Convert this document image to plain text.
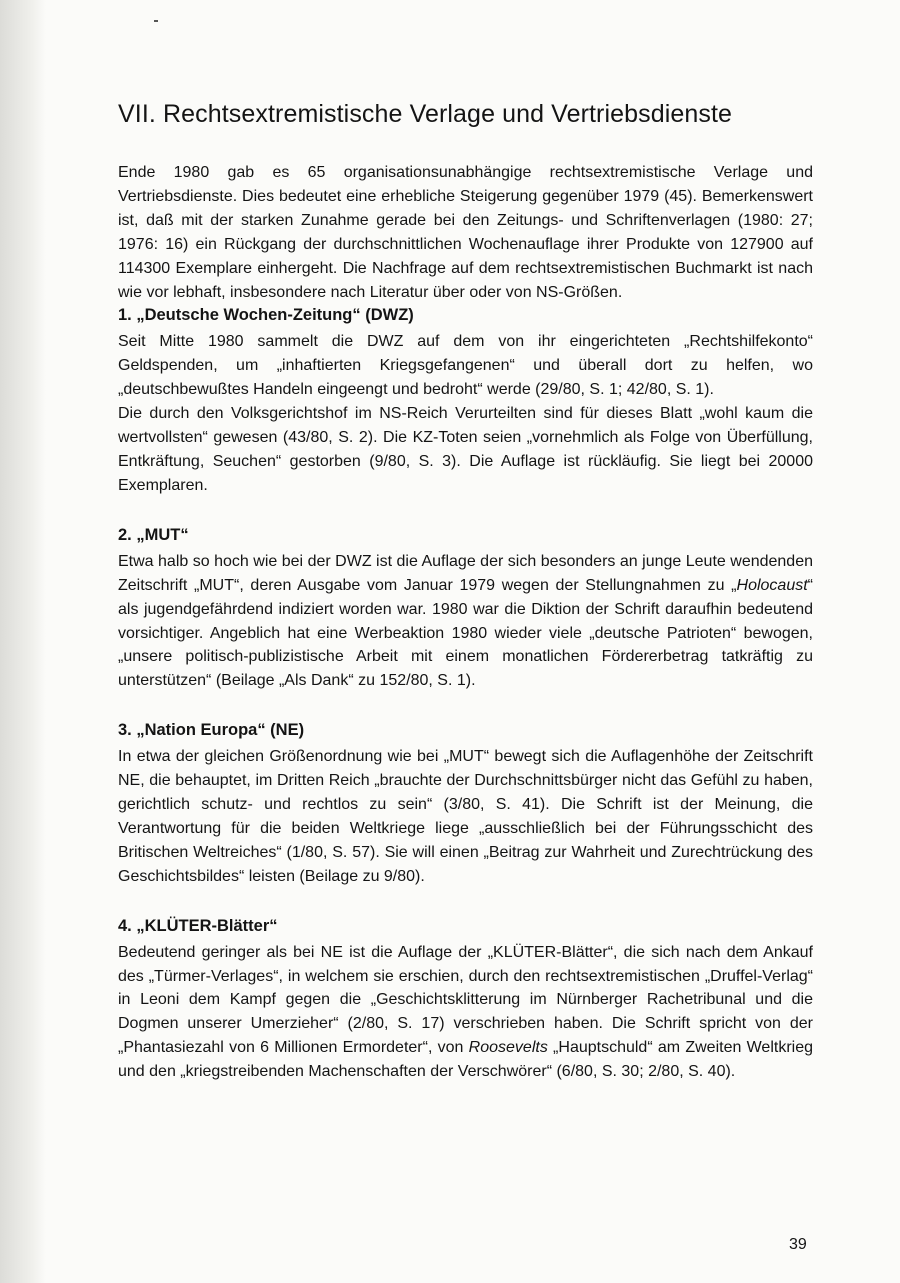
VII. Rechtsextremistische Verlage und Vertriebsdienste

Ende 1980 gab es 65 organisationsunabhängige rechtsextremistische Verlage und Vertriebsdienste. Dies bedeutet eine erhebliche Steigerung gegenüber 1979 (45). Bemerkenswert ist, daß mit der starken Zunahme gerade bei den Zeitungs- und Schriftenverlagen (1980: 27; 1976: 16) ein Rückgang der durchschnittlichen Wochenauflage ihrer Produkte von 127900 auf 114300 Exemplare einhergeht. Die Nachfrage auf dem rechtsextremistischen Buchmarkt ist nach wie vor lebhaft, insbesondere nach Literatur über oder von NS-Größen.

1. „Deutsche Wochen-Zeitung“ (DWZ)

Seit Mitte 1980 sammelt die DWZ auf dem von ihr eingerichteten „Rechtshilfekonto“ Geldspenden, um „inhaftierten Kriegsgefangenen“ und überall dort zu helfen, wo „deutschbewußtes Handeln eingeengt und bedroht“ werde (29/80, S. 1; 42/80, S. 1).

Die durch den Volksgerichtshof im NS-Reich Verurteilten sind für dieses Blatt „wohl kaum die wertvollsten“ gewesen (43/80, S. 2). Die KZ-Toten seien „vornehmlich als Folge von Überfüllung, Entkräftung, Seuchen“ gestorben (9/80, S. 3). Die Auflage ist rückläufig. Sie liegt bei 20000 Exemplaren.

2. „MUT“

Etwa halb so hoch wie bei der DWZ ist die Auflage der sich besonders an junge Leute wendenden Zeitschrift „MUT“, deren Ausgabe vom Januar 1979 wegen der Stellungnahmen zu „Holocaust“ als jugendgefährdend indiziert worden war. 1980 war die Diktion der Schrift daraufhin bedeutend vorsichtiger. Angeblich hat eine Werbeaktion 1980 wieder viele „deutsche Patrioten“ bewogen, „unsere politisch-publizistische Arbeit mit einem monatlichen Fördererbetrag tatkräftig zu unterstützen“ (Beilage „Als Dank“ zu 152/80, S. 1).

3. „Nation Europa“ (NE)

In etwa der gleichen Größenordnung wie bei „MUT“ bewegt sich die Auflagenhöhe der Zeitschrift NE, die behauptet, im Dritten Reich „brauchte der Durchschnittsbürger nicht das Gefühl zu haben, gerichtlich schutz- und rechtlos zu sein“ (3/80, S. 41). Die Schrift ist der Meinung, die Verantwortung für die beiden Weltkriege liege „ausschließlich bei der Führungsschicht des Britischen Weltreiches“ (1/80, S. 57). Sie will einen „Beitrag zur Wahrheit und Zurechtrückung des Geschichtsbildes“ leisten (Beilage zu 9/80).

4. „KLÜTER-Blätter“

Bedeutend geringer als bei NE ist die Auflage der „KLÜTER-Blätter“, die sich nach dem Ankauf des „Türmer-Verlages“, in welchem sie erschien, durch den rechtsextremistischen „Druffel-Verlag“ in Leoni dem Kampf gegen die „Geschichtsklitterung im Nürnberger Rachetribunal und die Dogmen unserer Umerzieher“ (2/80, S. 17) verschrieben haben. Die Schrift spricht von der „Phantasiezahl von 6 Millionen Ermordeter“, von Roosevelts „Hauptschuld“ am Zweiten Weltkrieg und den „kriegstreibenden Machenschaften der Verschwörer“ (6/80, S. 30; 2/80, S. 40).

39
